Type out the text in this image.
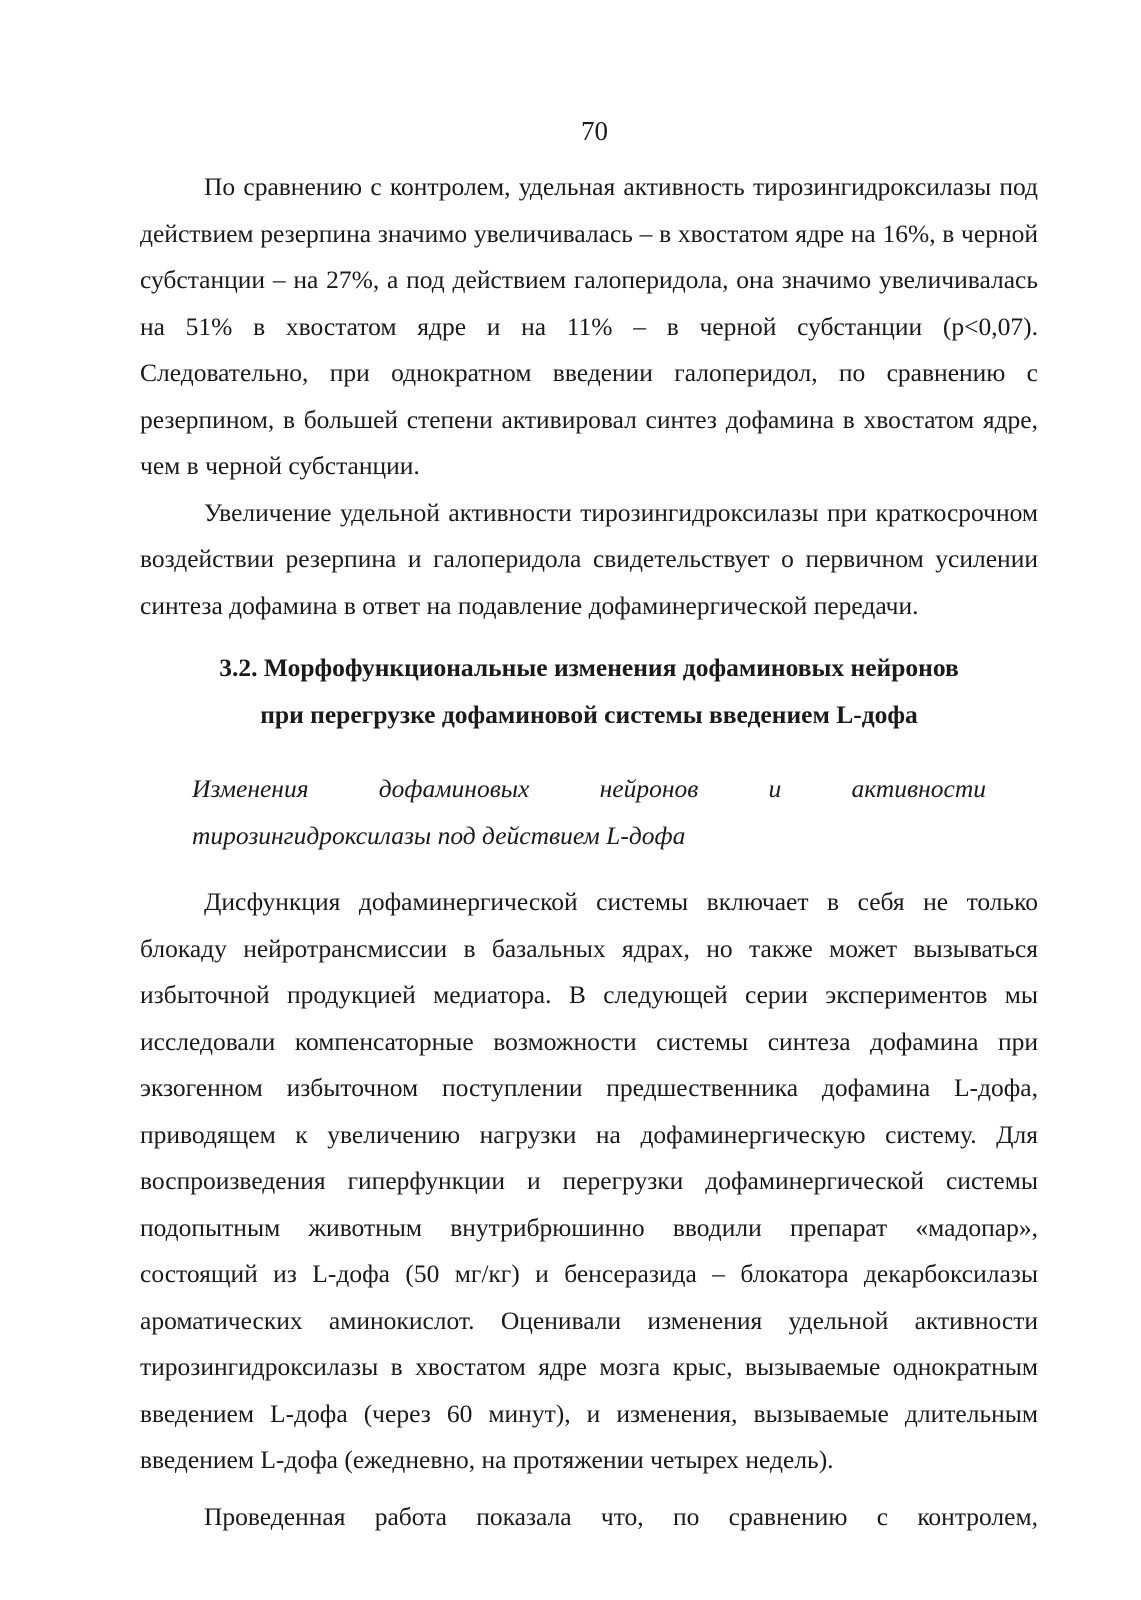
70

По сравнению с контролем, удельная активность тирозингидроксилазы под действием резерпина значимо увеличивалась – в хвостатом ядре на 16%, в черной субстанции – на 27%, а под действием галоперидола, она значимо увеличивалась на 51% в хвостатом ядре и на 11% – в черной субстанции (p<0,07). Следовательно, при однократном введении галоперидол, по сравнению с резерпином, в большей степени активировал синтез дофамина в хвостатом ядре, чем в черной субстанции.

Увеличение удельной активности тирозингидроксилазы при краткосрочном воздействии резерпина и галоперидола свидетельствует о первичном усилении синтеза дофамина в ответ на подавление дофаминергической передачи.

3.2. Морфофункциональные изменения дофаминовых нейронов
при перегрузке дофаминовой системы введением L-дофа
Изменения	дофаминовых	нейронов	и	активности
тирозингидроксилазы под действием L-дофа

Дисфункция дофаминергической системы включает в себя не только блокаду нейротрансмиссии в базальных ядрах, но также может вызываться избыточной продукцией медиатора. В следующей серии экспериментов мы исследовали компенсаторные возможности системы синтеза дофамина при экзогенном избыточном поступлении предшественника дофамина L-дофа, приводящем к увеличению нагрузки на дофаминергическую систему. Для воспроизведения гиперфункции и перегрузки дофаминергической системы подопытным животным внутрибрюшинно вводили препарат «мадопар», состоящий из L-дофа (50 мг/кг) и бенсеразида – блокатора декарбоксилазы ароматических аминокислот. Оценивали изменения удельной активности тирозингидроксилазы в хвостатом ядре мозга крыс, вызываемые однократным введением L-дофа (через 60 минут), и изменения, вызываемые длительным введением L-дофа (ежедневно, на протяжении четырех недель).

Проведенная работа показала что, по сравнению с контролем,
